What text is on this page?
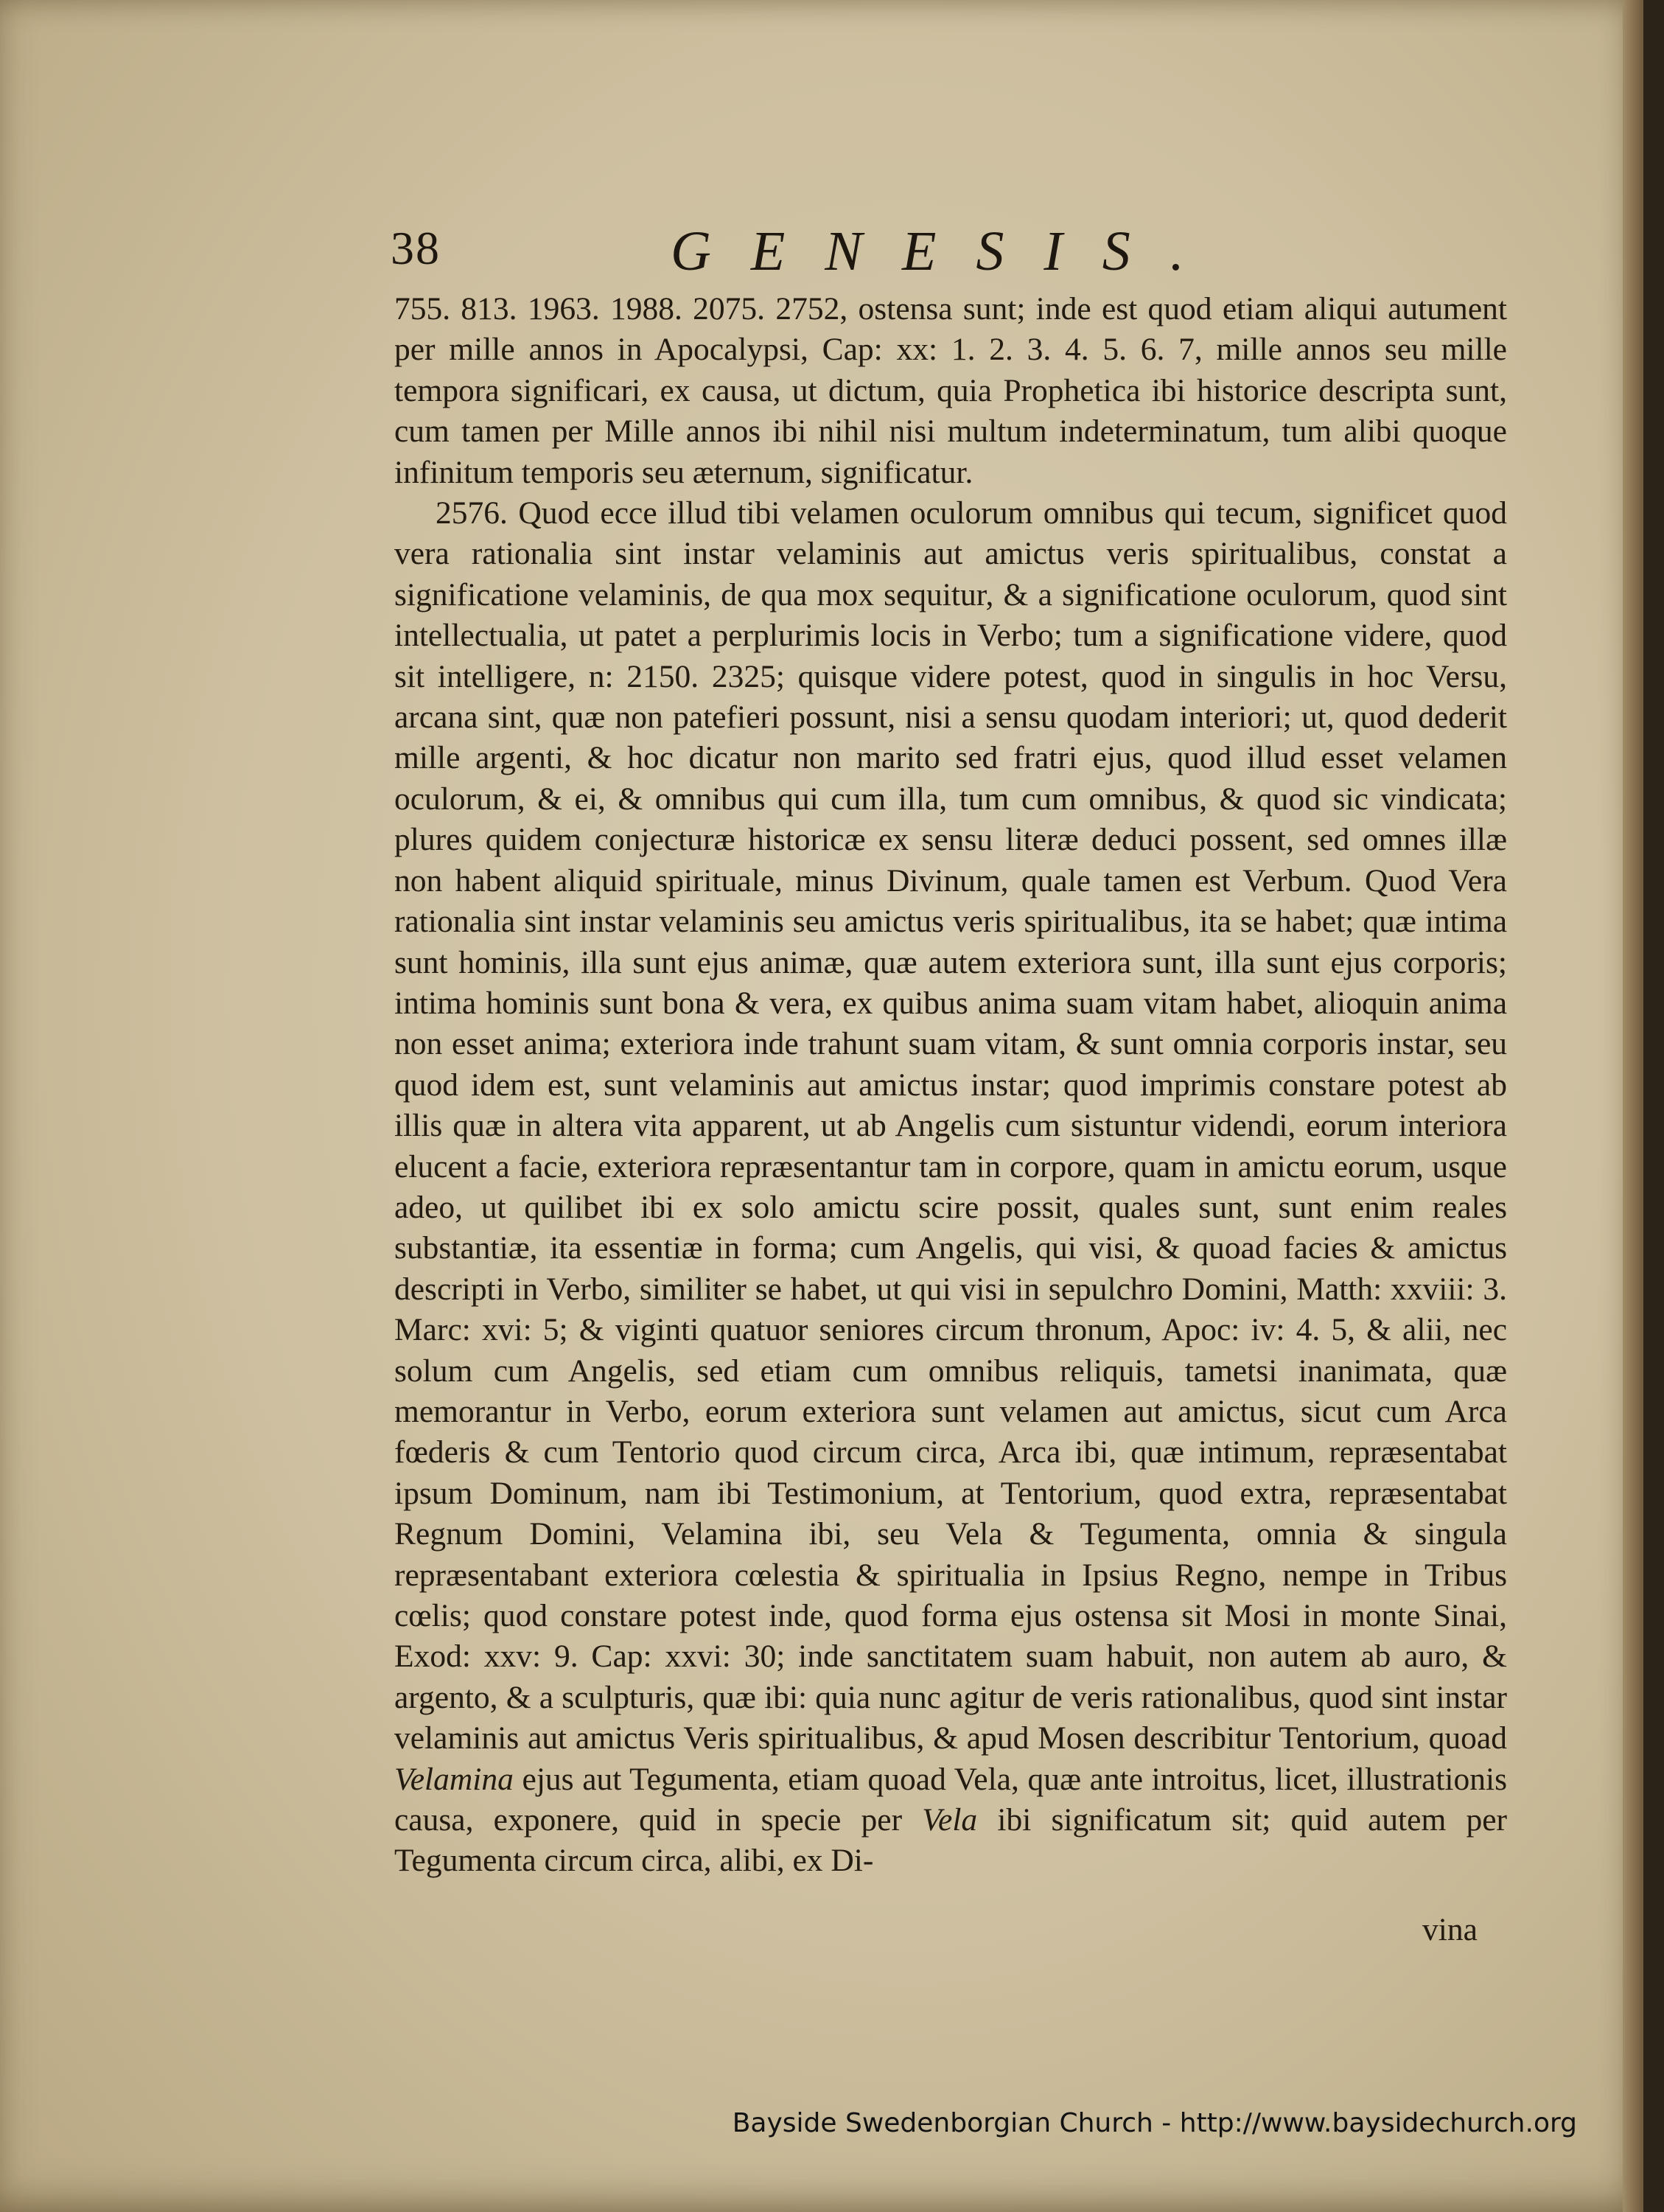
38	GENESIS.

755. 813. 1963. 1988. 2075. 2752, ostensa sunt; inde est quod etiam aliqui autument per mille annos in Apocalypsi, Cap: xx: 1. 2. 3. 4. 5. 6. 7, mille annos seu mille tempora significari, ex causa, ut dictum, quia Prophetica ibi historice descripta sunt, cum tamen per Mille annos ibi nihil nisi multum indeterminatum, tum alibi quoque infinitum temporis seu æternum, significatur.

2576. Quod ecce illud tibi velamen oculorum omnibus qui tecum, significet quod vera rationalia sint instar velaminis aut amictus veris spiritualibus, constat a significatione velaminis, de qua mox sequitur, & a significatione oculorum, quod sint intellectualia, ut patet a perplurimis locis in Verbo; tum a significatione videre, quod sit intelligere, n: 2150. 2325; quisque videre potest, quod in singulis in hoc Versu, arcana sint, quæ non patefieri possunt, nisi a sensu quodam interiori; ut, quod dederit mille argenti, & hoc dicatur non marito sed fratri ejus, quod illud esset velamen oculorum, & ei, & omnibus qui cum illa, tum cum omnibus, & quod sic vindicata; plures quidem conjecturæ historicæ ex sensu literæ deduci possent, sed omnes illæ non habent aliquid spirituale, minus Divinum, quale tamen est Verbum. Quod Vera rationalia sint instar velaminis seu amictus veris spiritualibus, ita se habet; quæ intima sunt hominis, illa sunt ejus animæ, quæ autem exteriora sunt, illa sunt ejus corporis; intima hominis sunt bona & vera, ex quibus anima suam vitam habet, alioquin anima non esset anima; exteriora inde trahunt suam vitam, & sunt omnia corporis instar, seu quod idem est, sunt velaminis aut amictus instar; quod imprimis constare potest ab illis quæ in altera vita apparent, ut ab Angelis cum sistuntur videndi, eorum interiora elucent a facie, exteriora repræsentantur tam in corpore, quam in amictu eorum, usque adeo, ut quilibet ibi ex solo amictu scire possit, quales sunt, sunt enim reales substantiæ, ita essentiæ in forma; cum Angelis, qui visi, & quoad facies & amictus descripti in Verbo, similiter se habet, ut qui visi in sepulchro Domini, Matth: xxviii: 3. Marc: xvi: 5; & viginti quatuor seniores circum thronum, Apoc: iv: 4. 5, & alii, nec solum cum Angelis, sed etiam cum omnibus reliquis, tametsi inanimata, quæ memorantur in Verbo, eorum exteriora sunt velamen aut amictus, sicut cum Arca fœderis & cum Tentorio quod circum circa, Arca ibi, quæ intimum, repræsentabat ipsum Dominum, nam ibi Testimonium, at Tentorium, quod extra, repræsentabat Regnum Domini, Velamina ibi, seu Vela & Tegumenta, omnia & singula repræsentabant exteriora cœlestia & spiritualia in Ipsius Regno, nempe in Tribus cœlis; quod constare potest inde, quod forma ejus ostensa sit Mosi in monte Sinai, Exod: xxv: 9. Cap: xxvi: 30; inde sanctitatem suam habuit, non autem ab auro, & argento, & a sculpturis, quæ ibi: quia nunc agitur de veris rationalibus, quod sint instar velaminis aut amictus Veris spiritualibus, & apud Mosen describitur Tentorium, quoad Velamina ejus aut Tegumenta, etiam quoad Vela, quæ ante introitus, licet, illustrationis causa, exponere, quid in specie per Vela ibi significatum sit; quid autem per Tegumenta circum circa, alibi, ex Di-

vina
Bayside Swedenborgian Church - http://www.baysidechurch.org
